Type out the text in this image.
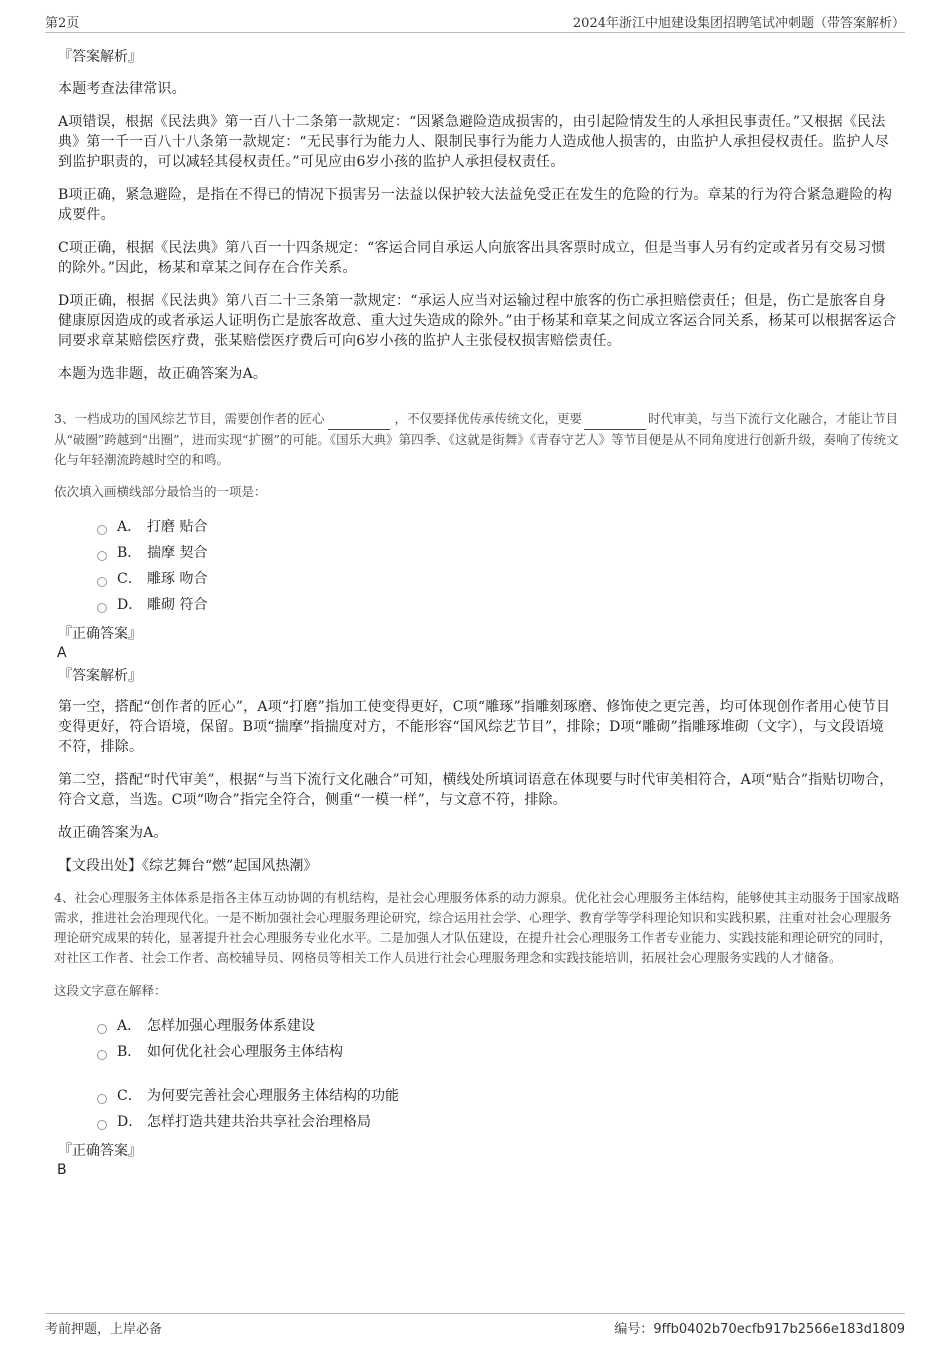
第2页	2024年浙江中旭建设集团招聘笔试冲刺题（带答案解析）
『答案解析』

本题考查法律常识。

A项错误，根据《民法典》第一百八十二条第一款规定：“因紧急避险造成损害的，由引起险情发生的人承担民事责任。”又根据《民法典》第一千一百八十八条第一款规定：“无民事行为能力人、限制民事行为能力人造成他人损害的，由监护人承担侵权责任。监护人尽到监护职责的，可以减轻其侵权责任。”可见应由6岁小孩的监护人承担侵权责任。

B项正确，紧急避险，是指在不得已的情况下损害另一法益以保护较大法益免受正在发生的危险的行为。章某的行为符合紧急避险的构成要件。

C项正确，根据《民法典》第八百一十四条规定：“客运合同自承运人向旅客出具客票时成立，但是当事人另有约定或者另有交易习惯的除外。”因此，杨某和章某之间存在合作关系。

D项正确，根据《民法典》第八百二十三条第一款规定：“承运人应当对运输过程中旅客的伤亡承担赔偿责任；但是，伤亡是旅客自身健康原因造成的或者承运人证明伤亡是旅客故意、重大过失造成的除外。”由于杨某和章某之间成立客运合同关系，杨某可以根据客运合同要求章某赔偿医疗费，张某赔偿医疗费后可向6岁小孩的监护人主张侵权损害赔偿责任。

本题为选非题，故正确答案为A。

3、一档成功的国风综艺节目，需要创作者的匠心	，不仅要择优传承传统文化，更要	时代审美，与当下流行文化融合，才能让节目从“破圈”跨越到“出圈”，进而实现“扩圈”的可能。《国乐大典》第四季、《这就是街舞》《青春守艺人》等节目便是从不同角度进行创新升级，奏响了传统文化与年轻潮流跨越时空的和鸣。

依次填入画横线部分最恰当的一项是：

A． 打磨 贴合
B． 揣摩 契合
C． 雕琢 吻合
D． 雕砌 符合
『正确答案』
A
『答案解析』

第一空，搭配“创作者的匠心”，A项“打磨”指加工使变得更好，C项“雕琢”指雕刻琢磨、修饰使之更完善，均可体现创作者用心使节目变得更好，符合语境，保留。B项“揣摩”指揣度对方，不能形容“国风综艺节目”，排除；D项“雕砌”指雕琢堆砌（文字），与文段语境不符，排除。

第二空，搭配“时代审美”，根据“与当下流行文化融合”可知，横线处所填词语意在体现要与时代审美相符合，A项“贴合”指贴切吻合，符合文意，当选。C项“吻合”指完全符合，侧重“一模一样”，与文意不符，排除。

故正确答案为A。

【文段出处】《综艺舞台“燃”起国风热潮》

4、社会心理服务主体体系是指各主体互动协调的有机结构，是社会心理服务体系的动力源泉。优化社会心理服务主体结构，能够使其主动服务于国家战略需求，推进社会治理现代化。一是不断加强社会心理服务理论研究，综合运用社会学、心理学、教育学等学科理论知识和实践积累，注重对社会心理服务理论研究成果的转化，显著提升社会心理服务专业化水平。二是加强人才队伍建设，在提升社会心理服务工作者专业能力、实践技能和理论研究的同时，对社区工作者、社会工作者、高校辅导员、网格员等相关工作人员进行社会心理服务理念和实践技能培训，拓展社会心理服务实践的人才储备。

这段文字意在解释：

A． 怎样加强心理服务体系建设
B． 如何优化社会心理服务主体结构
C． 为何要完善社会心理服务主体结构的功能
D． 怎样打造共建共治共享社会治理格局
『正确答案』
B
考前押题，上岸必备	编号：9ffb0402b70ecfb917b2566e183d1809
